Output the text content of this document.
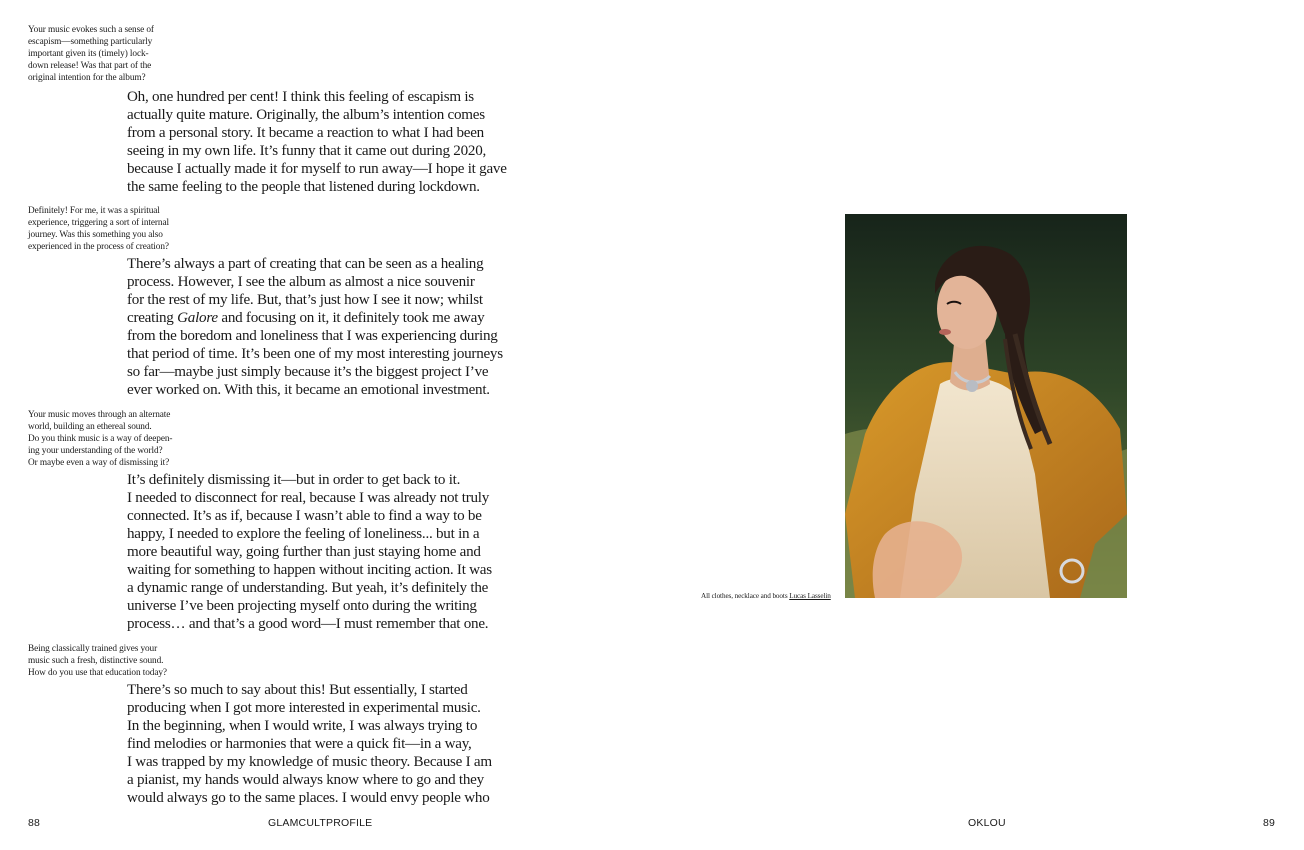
Your music evokes such a sense of
escapism—something particularly
important given its (timely) lock-
down release! Was that part of the
original intention for the album?

Oh, one hundred per cent! I think this feeling of escapism is
actually quite mature. Originally, the album’s intention comes
from a personal story. It became a reaction to what I had been
seeing in my own life. It’s funny that it came out during 2020,
because I actually made it for myself to run away—I hope it gave
the same feeling to the people that listened during lockdown.

Definitely! For me, it was a spiritual
experience, triggering a sort of internal
journey. Was this something you also
experienced in the process of creation?

There’s always a part of creating that can be seen as a healing
process. However, I see the album as almost a nice souvenir
for the rest of my life. But, that’s just how I see it now; whilst
creating Galore and focusing on it, it definitely took me away
from the boredom and loneliness that I was experiencing during
that period of time. It’s been one of my most interesting journeys
so far—maybe just simply because it’s the biggest project I’ve
ever worked on. With this, it became an emotional investment.

Your music moves through an alternate
world, building an ethereal sound.
Do you think music is a way of deepen-
ing your understanding of the world?
Or maybe even a way of dismissing it?

It’s definitely dismissing it—but in order to get back to it.
I needed to disconnect for real, because I was already not truly
connected. It’s as if, because I wasn’t able to find a way to be
happy, I needed to explore the feeling of loneliness... but in a
more beautiful way, going further than just staying home and
waiting for something to happen without inciting action. It was
a dynamic range of understanding. But yeah, it’s definitely the
universe I’ve been projecting myself onto during the writing
process… and that’s a good word—I must remember that one.

Being classically trained gives your
music such a fresh, distinctive sound.
How do you use that education today?

There’s so much to say about this! But essentially, I started
producing when I got more interested in experimental music.
In the beginning, when I would write, I was always trying to
find melodies or harmonies that were a quick fit—in a way,
I was trapped by my knowledge of music theory. Because I am
a pianist, my hands would always know where to go and they
would always go to the same places. I would envy people who

All clothes, necklace and boots Lucas Lasselin

88	GLAMCULTPROFILE	OKLOU	89
